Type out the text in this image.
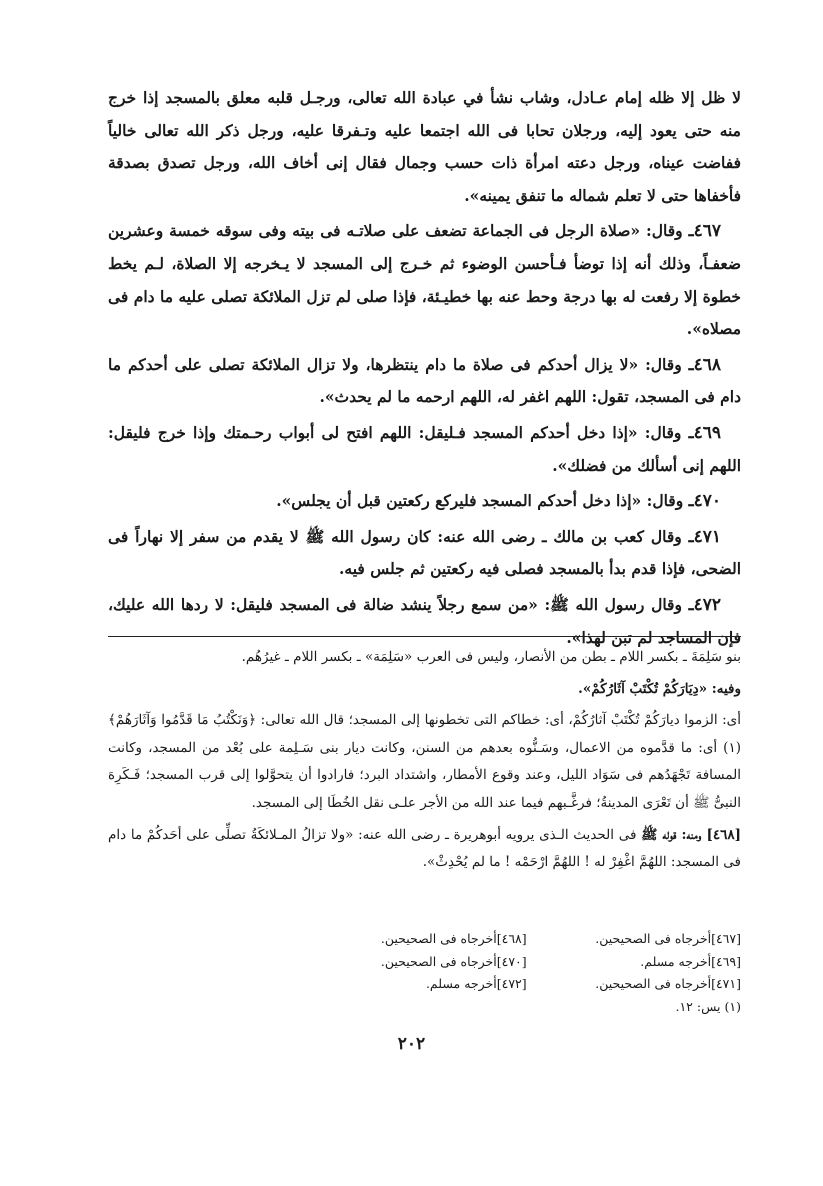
لا ظل إلا ظله إمام عـادل، وشاب نشأ في عبادة الله تعالى، ورجـل قلبه معلق بالمسجد إذا خرج منه حتى يعود إليه، ورجلان تحابا فى الله اجتمعا عليه وتـفرقا عليه، ورجل ذكر الله تعالى خالياً ففاضت عيناه، ورجل دعته امرأة ذات حسب وجمال فقال إنى أخاف الله، ورجل تصدق بصدقة فأخفاها حتى لا تعلم شماله ما تنفق يمينه».

٤٦٧ـ وقال: «صلاة الرجل فى الجماعة تضعف على صلاتـه فى بيته وفى سوقه خمسة وعشرين ضعفـاً، وذلك أنه إذا توضأ فـأحسن الوضوء ثم خـرج إلى المسجد لا يـخرجه إلا الصلاة، لـم يخط خطوة إلا رفعت له بها درجة وحط عنه بها خطيـئة، فإذا صلى لم تزل الملائكة تصلى عليه ما دام فى مصلاه».

٤٦٨ـ وقال: «لا يزال أحدكم فى صلاة ما دام ينتظرها، ولا تزال الملائكة تصلى على أحدكم ما دام فى المسجد، تقول: اللهم اغفر له، اللهم ارحمه ما لم يحدث».

٤٦٩ـ وقال: «إذا دخل أحدكم المسجد فـليقل: اللهم افتح لى أبواب رحـمتك وإذا خرج فليقل: اللهم إنى أسألك من فضلك».

٤٧٠ـ وقال: «إذا دخل أحدكم المسجد فليركع ركعتين قبل أن يجلس».

٤٧١ـ وقال كعب بن مالك ـ رضى الله عنه: كان رسول الله ﷺ لا يقدم من سفر إلا نهاراً فى الضحى، فإذا قدم بدأ بالمسجد فصلى فيه ركعتين ثم جلس فيه.

٤٧٢ـ وقال رسول الله ﷺ: «من سمع رجلاً ينشد ضالة فى المسجد فليقل: لا ردها الله عليك، فإن المساجد لم تبن لهذا».

بنو سَلِمَةَ ـ بكسر اللام ـ بطن من الأنصار، وليس فى العرب «سَلِمَة» ـ بكسر اللام ـ غيرُهُم.

وفيه: «دِيَارَكُمْ تُكْتَبْ آثَارُكُمْ».

أى: الزموا ديارَكُمْ تُكْتَبْ آثارُكُمْ، أى: خطاكم التى تخطونها إلى المسجد؛ قال الله تعالى: ﴿وَنَكْتُبُ مَا قَدَّمُوا وَآثَارَهُمْ﴾(١) أى: ما قدَّموه من الاعمال، وسَـنُّوه بعدهم من السنن، وكانت ديار بنى سَـلِمة على بُعْد من المسجد، وكانت المسافة تَجْهَدُهم فى سَوَاد الليل، وعند وقوع الأمطار، واشتداد البرد؛ فارادوا أن يتحوَّلوا إلى قرب المسجد؛ فَـكَرِهَ النبىُّ ﷺ أن تَعْرَى المدينةُ؛ فرغَّـبهم فيما عند الله من الأجر علـى نقل الخُطَا إلى المسجد.

[٤٦٨] ومنه: قوله ﷺ فى الحديث الـذى يرويه أبوهريرة ـ رضى الله عنه: «ولا تزالُ المـلائكَةُ تصلِّى على أحَدكُمْ ما دام فى المسجد: اللهُمَّ اغْفِرْ له ! اللهُمَّ ارْحَمْه ! ما لم يُحْدِثْ».

[٤٦٧]أخرجاه فى الصحيحين.
[٤٦٨]أخرجاه فى الصحيحين.
[٤٦٩]أخرجه مسلم.
[٤٧٠]أخرجاه فى الصحيحين.
[٤٧١]أخرجاه فى الصحيحين.
[٤٧٢]أخرجه مسلم.
(١) يس: ١٢.
٢٠٢
